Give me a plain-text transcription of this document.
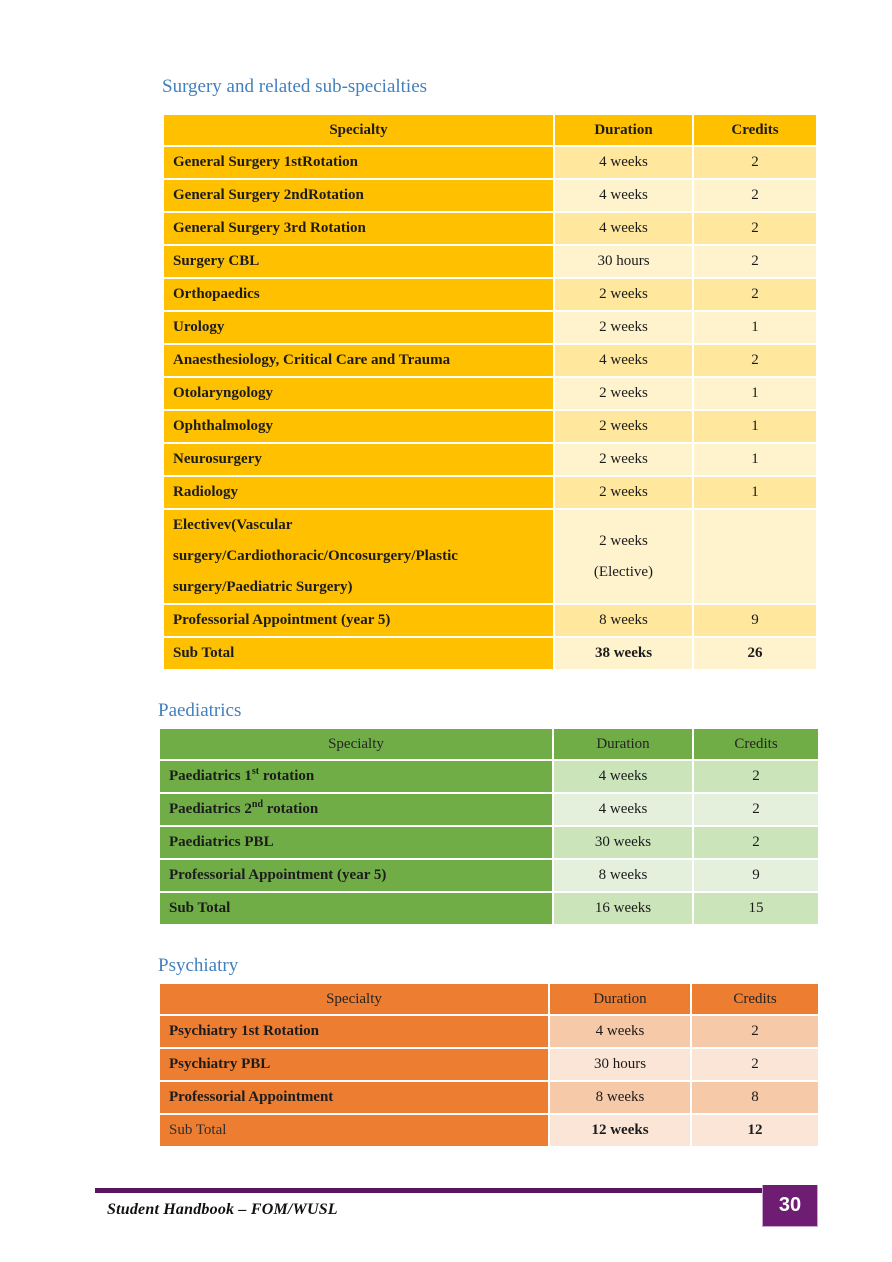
Surgery and related sub-specialties
Specialty	Duration	Credits
General Surgery 1stRotation	4 weeks	2
General Surgery 2ndRotation	4 weeks	2
General Surgery 3rd Rotation	4 weeks	2
Surgery CBL	30 hours	2
Orthopaedics	2 weeks	2
Urology	2 weeks	1
Anaesthesiology, Critical Care and Trauma	4 weeks	2
Otolaryngology	2 weeks	1
Ophthalmology	2 weeks	1
Neurosurgery	2 weeks	1
Radiology	2 weeks	1
Electivev(Vascular
surgery/Cardiothoracic/Oncosurgery/Plastic
surgery/Paediatric Surgery)	2 weeks
(Elective)	
Professorial Appointment (year 5)	8 weeks	9
Sub Total	38 weeks	26
Paediatrics
Specialty	Duration	Credits
Paediatrics 1st rotation	4 weeks	2
Paediatrics 2nd rotation	4 weeks	2
Paediatrics PBL	30 weeks	2
Professorial Appointment (year 5)	8 weeks	9
Sub Total	16 weeks	15
Psychiatry
Specialty	Duration	Credits
Psychiatry 1st Rotation	4 weeks	2
Psychiatry PBL	30 hours	2
Professorial Appointment	8 weeks	8
Sub Total	12 weeks	12
Student Handbook – FOM/WUSL	30
